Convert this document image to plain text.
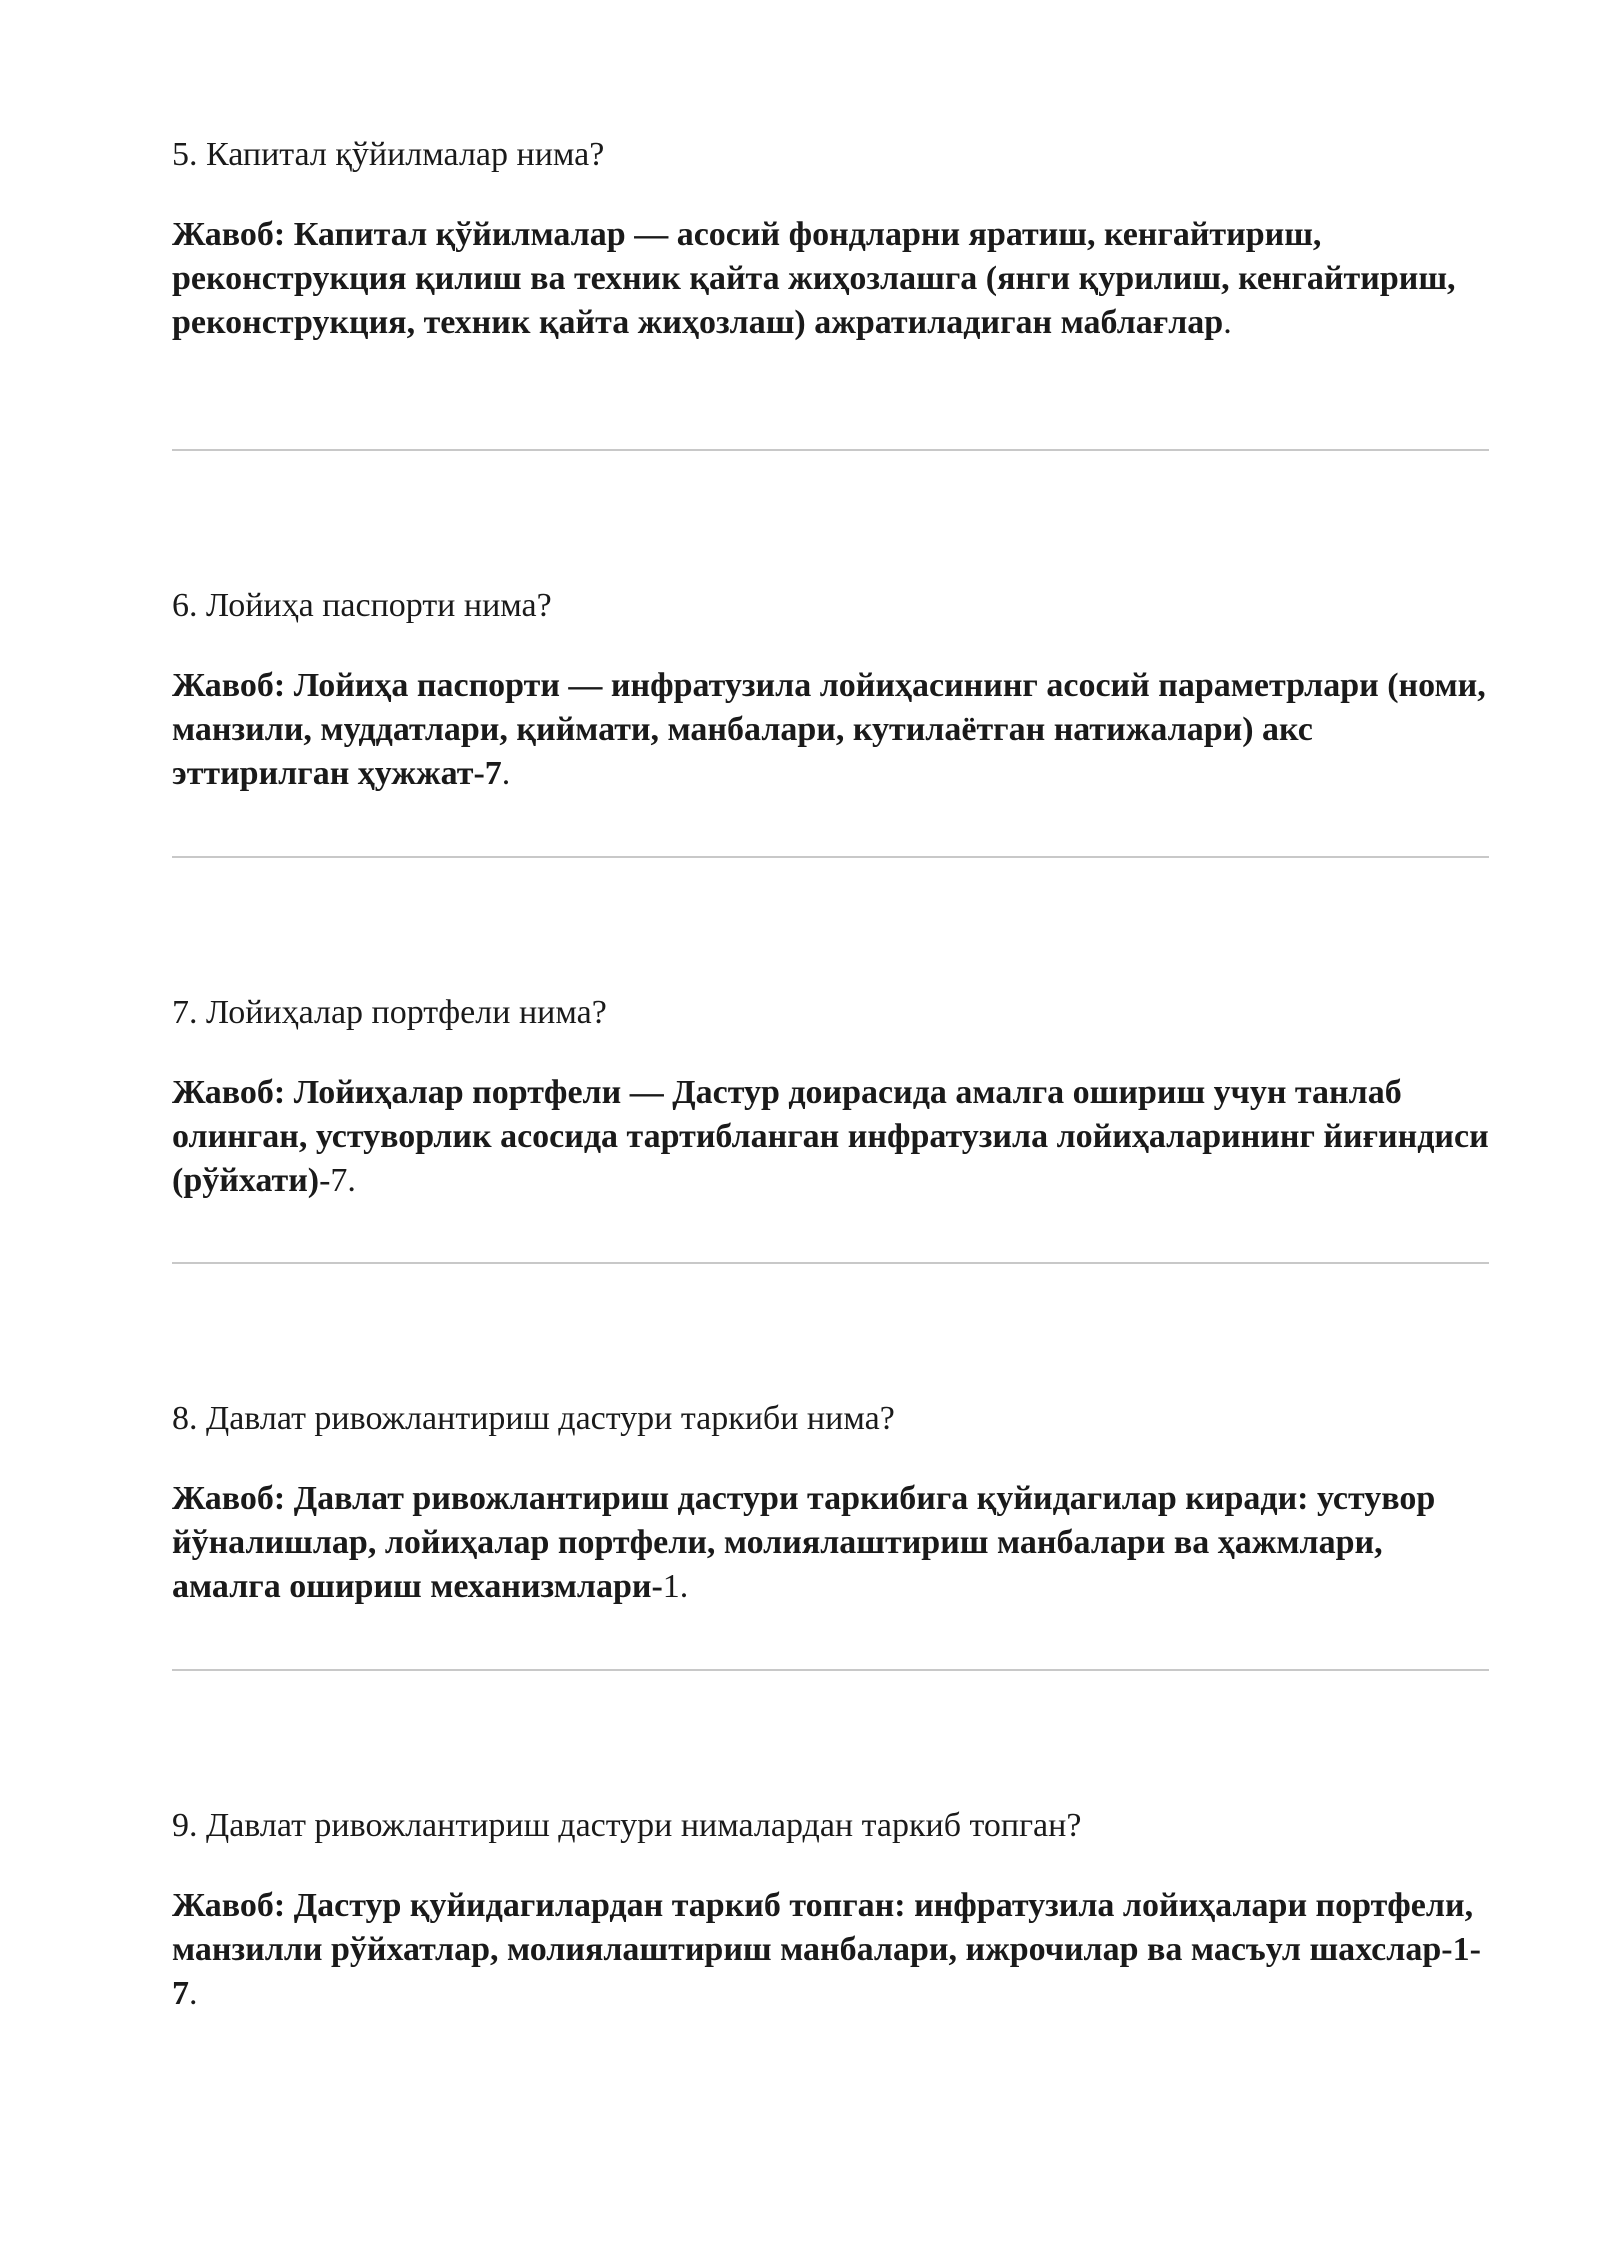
5. Капитал қўйилмалар нима?

Жавоб: Капитал қўйилмалар — асосий фондларни яратиш, кенгайтириш, реконструкция қилиш ва техник қайта жиҳозлашга (янги қурилиш, кенгайтириш, реконструкция, техник қайта жиҳозлаш) ажратиладиган маблағлар.

6. Лойиҳа паспорти нима?

Жавоб: Лойиҳа паспорти — инфратузила лойиҳасининг асосий параметрлари (номи, манзили, муддатлари, қиймати, манбалари, кутилаётган натижалари) акс эттирилган ҳужжат-7.

7. Лойиҳалар портфели нима?

Жавоб: Лойиҳалар портфели — Дастур доирасида амалга ошириш учун танлаб олинган, устуворлик асосида тартибланган инфратузила лойиҳаларининг йиғиндиси (рўйхати)-7.

8. Давлат ривожлантириш дастури таркиби нима?

Жавоб: Давлат ривожлантириш дастури таркибига қуйидагилар киради: устувор йўналишлар, лойиҳалар портфели, молиялаштириш манбалари ва ҳажмлари, амалга ошириш механизмлари-1.

9. Давлат ривожлантириш дастури нималардан таркиб топган?

Жавоб: Дастур қуйидагилардан таркиб топган: инфратузила лойиҳалари портфели, манзилли рўйхатлар, молиялаштириш манбалари, ижрочилар ва масъул шахслар-1-7.
